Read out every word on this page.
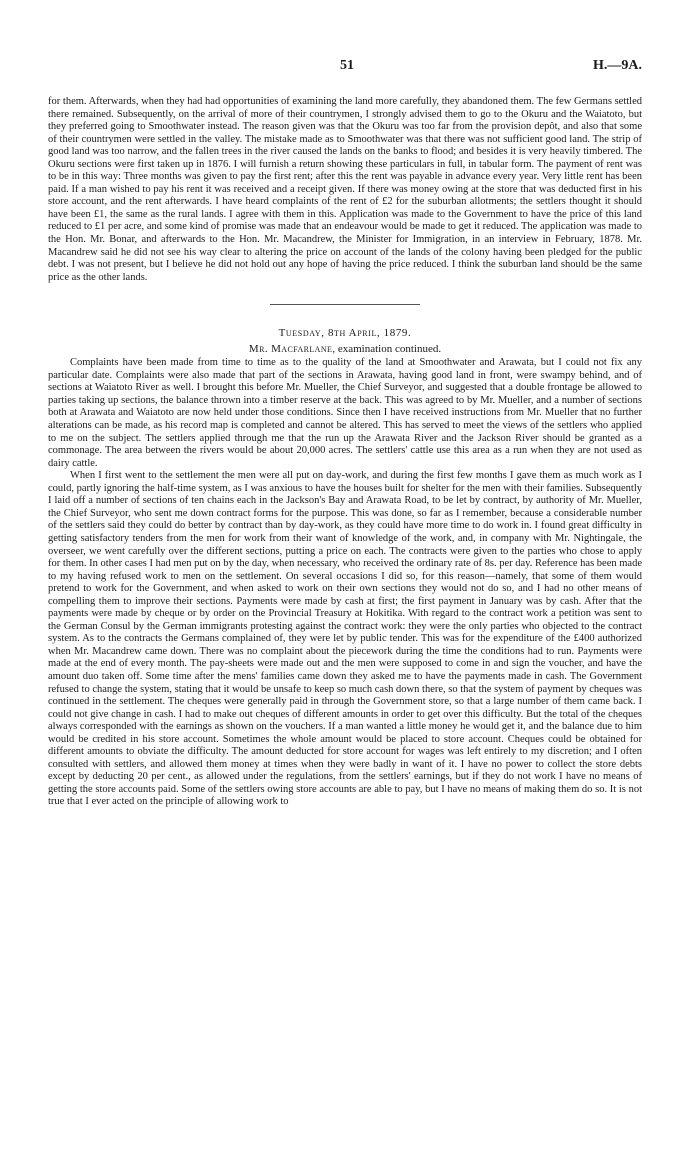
51	H.—9A.

for them. Afterwards, when they had had opportunities of examining the land more carefully, they abandoned them. The few Germans settled there remained. Subsequently, on the arrival of more of their countrymen, I strongly advised them to go to the Okuru and the Waiatoto, but they preferred going to Smoothwater instead. The reason given was that the Okuru was too far from the provision depôt, and also that some of their countrymen were settled in the valley. The mistake made as to Smoothwater was that there was not sufficient good land. The strip of good land was too narrow, and the fallen trees in the river caused the lands on the banks to flood; and besides it is very heavily timbered. The Okuru sections were first taken up in 1876. I will furnish a return showing these particulars in full, in tabular form. The payment of rent was to be in this way: Three months was given to pay the first rent; after this the rent was payable in advance every year. Very little rent has been paid. If a man wished to pay his rent it was received and a receipt given. If there was money owing at the store that was deducted first in his store account, and the rent afterwards. I have heard complaints of the rent of £2 for the suburban allotments; the settlers thought it should have been £1, the same as the rural lands. I agree with them in this. Application was made to the Government to have the price of this land reduced to £1 per acre, and some kind of promise was made that an endeavour would be made to get it reduced. The application was made to the Hon. Mr. Bonar, and afterwards to the Hon. Mr. Macandrew, the Minister for Immigration, in an interview in February, 1878. Mr. Macandrew said he did not see his way clear to altering the price on account of the lands of the colony having been pledged for the public debt. I was not present, but I believe he did not hold out any hope of having the price reduced. I think the suburban land should be the same price as the other lands.

Tuesday, 8th April, 1879.
Mr. Macfarlane, examination continued.

Complaints have been made from time to time as to the quality of the land at Smoothwater and Arawata, but I could not fix any particular date. Complaints were also made that part of the sections in Arawata, having good land in front, were swampy behind, and of sections at Waiatoto River as well. I brought this before Mr. Mueller, the Chief Surveyor, and suggested that a double frontage be allowed to parties taking up sections, the balance thrown into a timber reserve at the back. This was agreed to by Mr. Mueller, and a number of sections both at Arawata and Waiatoto are now held under those conditions. Since then I have received instructions from Mr. Mueller that no further alterations can be made, as his record map is completed and cannot be altered. This has served to meet the views of the settlers who applied to me on the subject. The settlers applied through me that the run up the Arawata River and the Jackson River should be granted as a commonage. The area between the rivers would be about 20,000 acres. The settlers' cattle use this area as a run when they are not used as dairy cattle.

When I first went to the settlement the men were all put on day-work, and during the first few months I gave them as much work as I could, partly ignoring the half-time system, as I was anxious to have the houses built for shelter for the men with their families. Subsequently I laid off a number of sections of ten chains each in the Jackson's Bay and Arawata Road, to be let by contract, by authority of Mr. Mueller, the Chief Surveyor, who sent me down contract forms for the purpose. This was done, so far as I remember, because a considerable number of the settlers said they could do better by contract than by day-work, as they could have more time to do work in. I found great difficulty in getting satisfactory tenders from the men for work from their want of knowledge of the work, and, in company with Mr. Nightingale, the overseer, we went carefully over the different sections, putting a price on each. The contracts were given to the parties who chose to apply for them. In other cases I had men put on by the day, when necessary, who received the ordinary rate of 8s. per day. Reference has been made to my having refused work to men on the settlement. On several occasions I did so, for this reason—namely, that some of them would pretend to work for the Government, and when asked to work on their own sections they would not do so, and I had no other means of compelling them to improve their sections. Payments were made by cash at first; the first payment in January was by cash. After that the payments were made by cheque or by order on the Provincial Treasury at Hokitika. With regard to the contract work a petition was sent to the German Consul by the German immigrants protesting against the contract work: they were the only parties who objected to the contract system. As to the contracts the Germans complained of, they were let by public tender. This was for the expenditure of the £400 authorized when Mr. Macandrew came down. There was no complaint about the piecework during the time the conditions had to run. Payments were made at the end of every month. The pay-sheets were made out and the men were supposed to come in and sign the voucher, and have the amount duo taken off. Some time after the mens' families came down they asked me to have the payments made in cash. The Government refused to change the system, stating that it would be unsafe to keep so much cash down there, so that the system of payment by cheques was continued in the settlement. The cheques were generally paid in through the Government store, so that a large number of them came back. I could not give change in cash. I had to make out cheques of different amounts in order to get over this difficulty. But the total of the cheques always corresponded with the earnings as shown on the vouchers. If a man wanted a little money he would get it, and the balance due to him would be credited in his store account. Sometimes the whole amount would be placed to store account. Cheques could be obtained for different amounts to obviate the difficulty. The amount deducted for store account for wages was left entirely to my discretion; and I often consulted with settlers, and allowed them money at times when they were badly in want of it. I have no power to collect the store debts except by deducting 20 per cent., as allowed under the regulations, from the settlers' earnings, but if they do not work I have no means of getting the store accounts paid. Some of the settlers owing store accounts are able to pay, but I have no means of making them do so. It is not true that I ever acted on the principle of allowing work to
